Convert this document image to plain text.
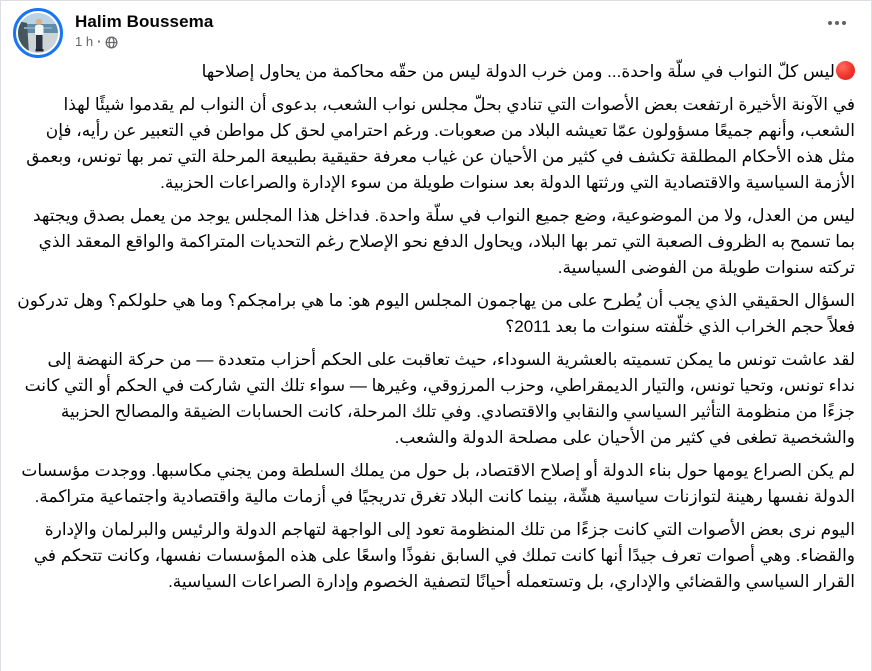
Halim Boussema
1 h ·

ليس كلّ النواب في سلّة واحدة... ومن خرب الدولة ليس من حقّه محاكمة من يحاول إصلاحها

في الآونة الأخيرة ارتفعت بعض الأصوات التي تنادي بحلّ مجلس نواب الشعب، بدعوى أن النواب لم يقدموا شيئًا لهذا الشعب، وأنهم جميعًا مسؤولون عمّا تعيشه البلاد من صعوبات. ورغم احترامي لحق كل مواطن في التعبير عن رأيه، فإن مثل هذه الأحكام المطلقة تكشف في كثير من الأحيان عن غياب معرفة حقيقية بطبيعة المرحلة التي تمر بها تونس، وبعمق الأزمة السياسية والاقتصادية التي ورثتها الدولة بعد سنوات طويلة من سوء الإدارة والصراعات الحزبية.

ليس من العدل، ولا من الموضوعية، وضع جميع النواب في سلّة واحدة. فداخل هذا المجلس يوجد من يعمل بصدق ويجتهد بما تسمح به الظروف الصعبة التي تمر بها البلاد، ويحاول الدفع نحو الإصلاح رغم التحديات المتراكمة والواقع المعقد الذي تركته سنوات طويلة من الفوضى السياسية.

السؤال الحقيقي الذي يجب أن يُطرح على من يهاجمون المجلس اليوم هو: ما هي برامجكم؟ وما هي حلولكم؟ وهل تدركون فعلاً حجم الخراب الذي خلّفته سنوات ما بعد 2011؟

لقد عاشت تونس ما يمكن تسميته بالعشرية السوداء، حيث تعاقبت على الحكم أحزاب متعددة — من حركة النهضة إلى نداء تونس، وتحيا تونس، والتيار الديمقراطي، وحزب المرزوقي، وغيرها — سواء تلك التي شاركت في الحكم أو التي كانت جزءًا من منظومة التأثير السياسي والنقابي والاقتصادي. وفي تلك المرحلة، كانت الحسابات الضيقة والمصالح الحزبية والشخصية تطغى في كثير من الأحيان على مصلحة الدولة والشعب.

لم يكن الصراع يومها حول بناء الدولة أو إصلاح الاقتصاد، بل حول من يملك السلطة ومن يجني مكاسبها. ووجدت مؤسسات الدولة نفسها رهينة لتوازنات سياسية هشّة، بينما كانت البلاد تغرق تدريجيًا في أزمات مالية واقتصادية واجتماعية متراكمة.

اليوم نرى بعض الأصوات التي كانت جزءًا من تلك المنظومة تعود إلى الواجهة لتهاجم الدولة والرئيس والبرلمان والإدارة والقضاء. وهي أصوات تعرف جيدًا أنها كانت تملك في السابق نفوذًا واسعًا على هذه المؤسسات نفسها، وكانت تتحكم في القرار السياسي والقضائي والإداري، بل وتستعمله أحيانًا لتصفية الخصوم وإدارة الصراعات السياسية.
